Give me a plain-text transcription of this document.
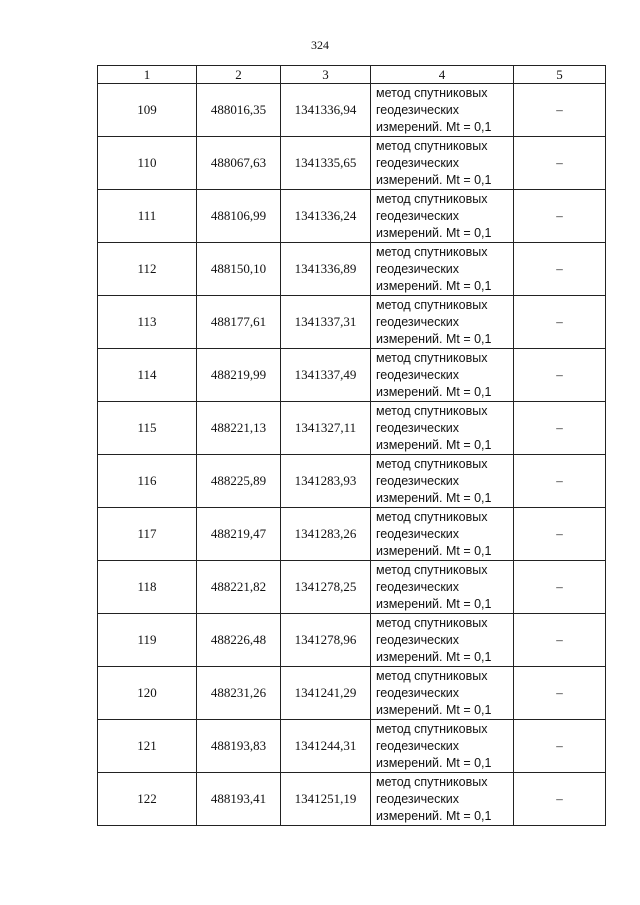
324
1	2	3	4	5
109	488016,35	1341336,94	метод спутниковых
геодезических
измерений. Mt = 0,1	–
110	488067,63	1341335,65	метод спутниковых
геодезических
измерений. Mt = 0,1	–
111	488106,99	1341336,24	метод спутниковых
геодезических
измерений. Mt = 0,1	–
112	488150,10	1341336,89	метод спутниковых
геодезических
измерений. Mt = 0,1	–
113	488177,61	1341337,31	метод спутниковых
геодезических
измерений. Mt = 0,1	–
114	488219,99	1341337,49	метод спутниковых
геодезических
измерений. Mt = 0,1	–
115	488221,13	1341327,11	метод спутниковых
геодезических
измерений. Mt = 0,1	–
116	488225,89	1341283,93	метод спутниковых
геодезических
измерений. Mt = 0,1	–
117	488219,47	1341283,26	метод спутниковых
геодезических
измерений. Mt = 0,1	–
118	488221,82	1341278,25	метод спутниковых
геодезических
измерений. Mt = 0,1	–
119	488226,48	1341278,96	метод спутниковых
геодезических
измерений. Mt = 0,1	–
120	488231,26	1341241,29	метод спутниковых
геодезических
измерений. Mt = 0,1	–
121	488193,83	1341244,31	метод спутниковых
геодезических
измерений. Mt = 0,1	–
122	488193,41	1341251,19	метод спутниковых
геодезических
измерений. Mt = 0,1	–
